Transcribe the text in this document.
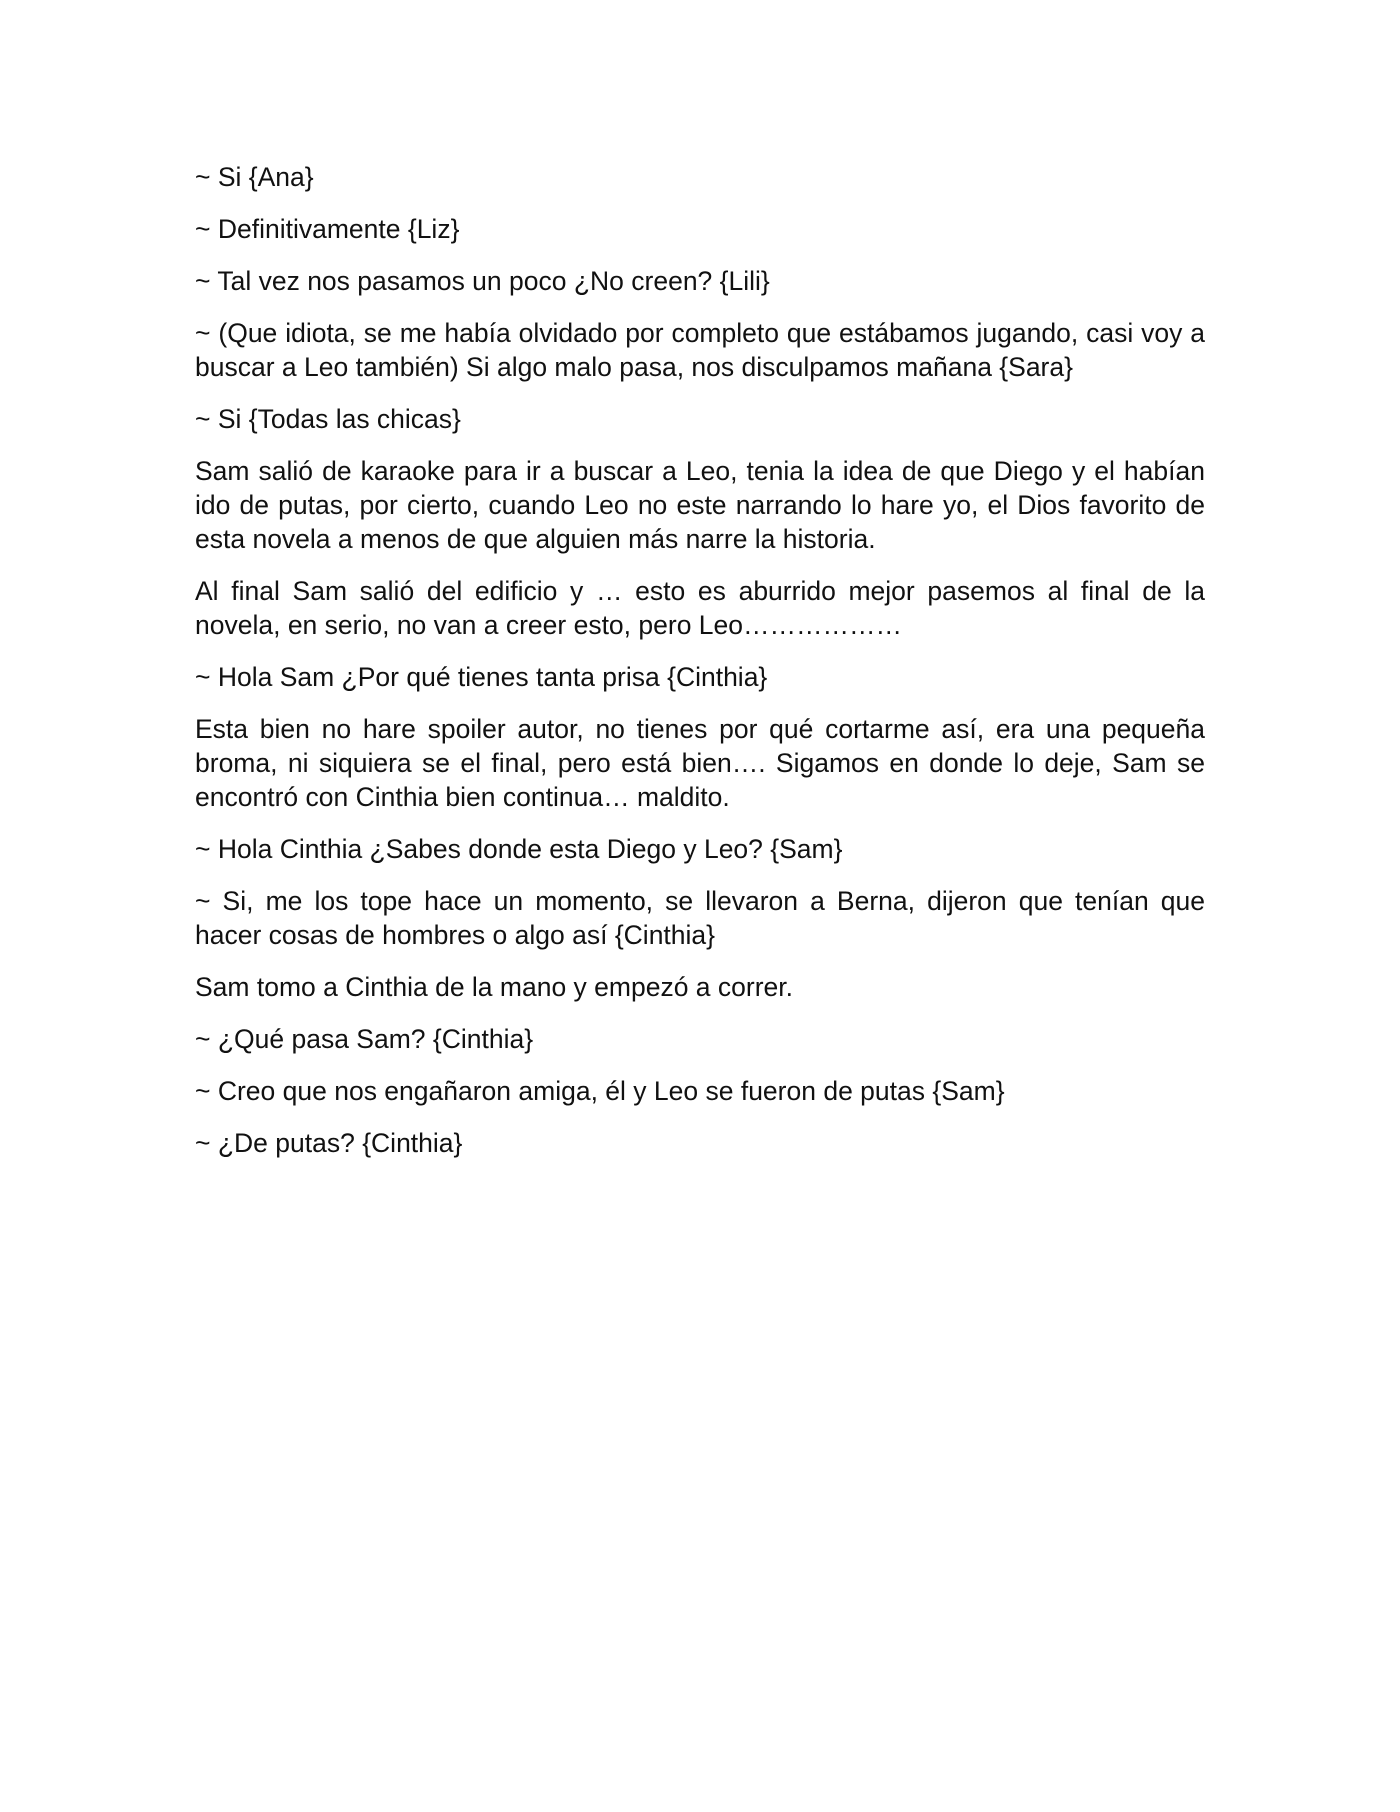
~ Si {Ana}

~ Definitivamente {Liz}

~ Tal vez nos pasamos un poco ¿No creen? {Lili}

~ (Que idiota, se me había olvidado por completo que estábamos jugando, casi voy a buscar a Leo también) Si algo malo pasa, nos disculpamos mañana {Sara}

~ Si {Todas las chicas}

Sam salió de karaoke para ir a buscar a Leo, tenia la idea de que Diego y el habían ido de putas, por cierto, cuando Leo no este narrando lo hare yo, el Dios favorito de esta novela a menos de que alguien más narre la historia.

Al final Sam salió del edificio y … esto es aburrido mejor pasemos al final de la novela, en serio, no van a creer esto, pero Leo………………

~ Hola Sam ¿Por qué tienes tanta prisa {Cinthia}

Esta bien no hare spoiler autor, no tienes por qué cortarme así, era una pequeña broma, ni siquiera se el final, pero está bien…. Sigamos en donde lo deje, Sam se encontró con Cinthia bien continua… maldito.

~ Hola Cinthia ¿Sabes donde esta Diego y Leo? {Sam}

~ Si, me los tope hace un momento, se llevaron a Berna, dijeron que tenían que hacer cosas de hombres o algo así {Cinthia}

Sam tomo a Cinthia de la mano y empezó a correr.

~ ¿Qué pasa Sam? {Cinthia}

~ Creo que nos engañaron amiga, él y Leo se fueron de putas {Sam}

~ ¿De putas? {Cinthia}
